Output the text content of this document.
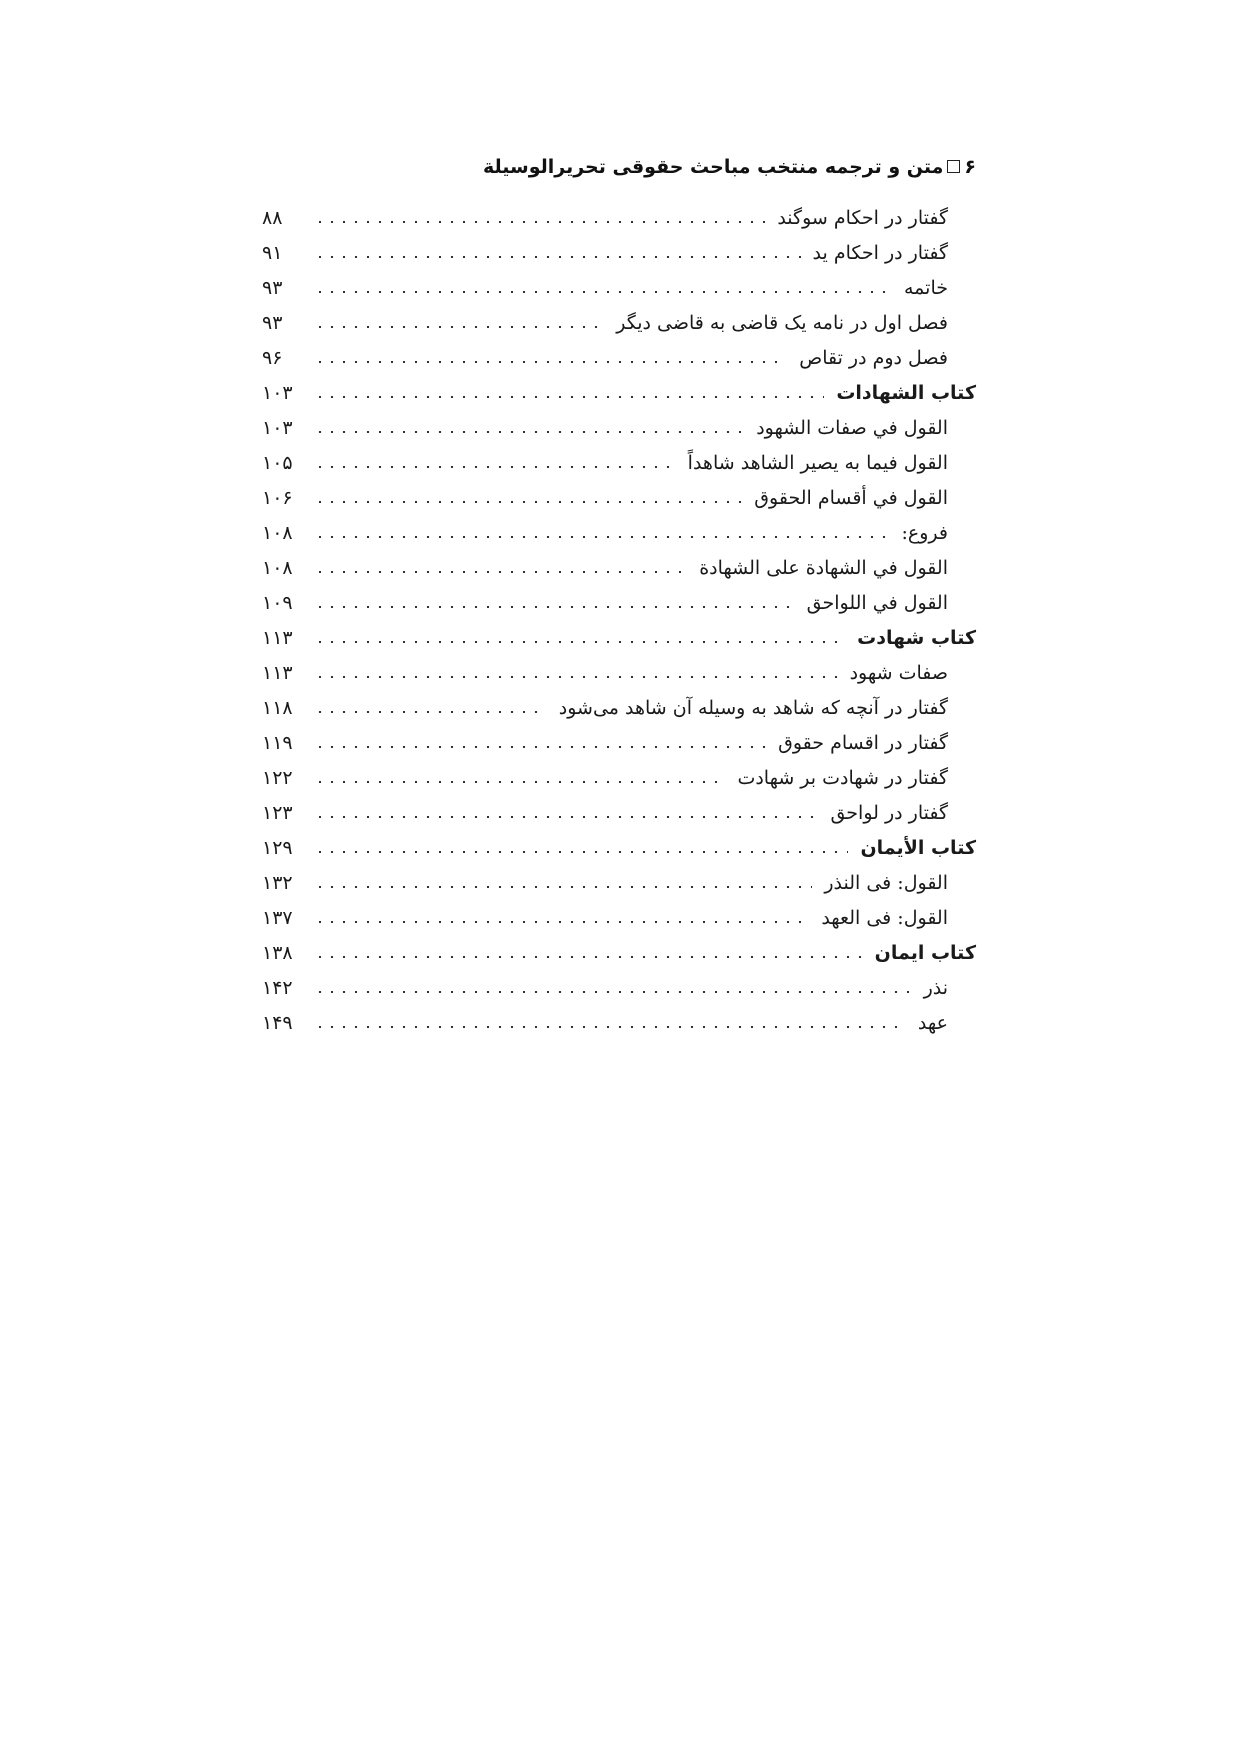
۶متن و ترجمه منتخب مباحث حقوقی تحریرالوسیلة
گفتار در احکام سوگند
۸۸
گفتار در احکام ید
۹۱
خاتمه
۹۳
فصل اول در نامه یک قاضی به قاضی دیگر
۹۳
فصل دوم در تقاص
۹۶
كتاب الشهادات
۱۰۳
القول في صفات الشهود
۱۰۳
القول فيما به يصير الشاهد شاهداً
۱۰۵
القول في أقسام الحقوق
۱۰۶
فروع:
۱۰۸
القول في الشهادة على الشهادة
۱۰۸
القول في اللواحق
۱۰۹
کتاب شهادت
۱۱۳
صفات شهود
۱۱۳
گفتار در آنچه که شاهد به وسیله آن شاهد می‌شود
۱۱۸
گفتار در اقسام حقوق
۱۱۹
گفتار در شهادت بر شهادت
۱۲۲
گفتار در لواحق
۱۲۳
كتاب الأيمان
۱۲۹
القول: فی النذر
۱۳۲
القول: فی العهد
۱۳۷
کتاب ایمان
۱۳۸
نذر
۱۴۲
عهد
۱۴۹
